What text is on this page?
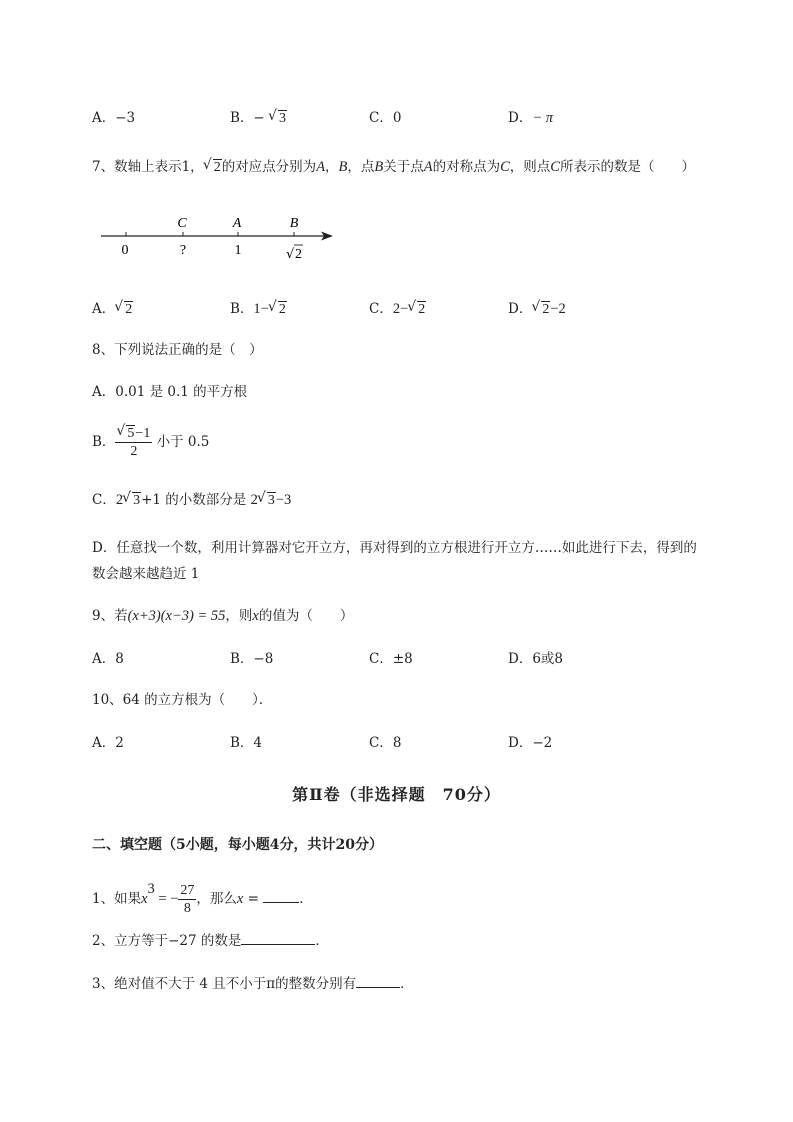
A．−3	B．− √ 3	C．0	D．− π
7、数轴上表示1， √ 2的对应点分别为A，B，点B关于点A的对称点为C，则点C所表示的数是（　　）
C	A	B
0	?	1	√ 2
A． √ 2	B．1− √ 2	C．2− √ 2	D． √ 2−2
8、下列说法正确的是（　）
A．0.01 是 0.1 的平方根
B． √ $\frac{5-1}{2}$ 小于 0.5
C．2 √ 3+1 的小数部分是 2 √ 3−3
D．任意找一个数，利用计算器对它开立方，再对得到的立方根进行开立方……如此进行下去，得到的
数会越来越趋近 1
9、若(x+3)(x−3) = 55，则x的值为（　　）
A．8	B．−8	C．±8	D．6或8
10、64 的立方根为（　　）．
A．2	B．4	C．8	D．−2
第Ⅱ卷（非选择题　70分）
二、填空题（5小题，每小题4分，共计20分）
1、如果$x^3$ = − $\frac{27}{8}$ ，那么x =	．
2、立方等于−27 的数是	．
3、绝对值不大于 4 且不小于π的整数分别有	．
